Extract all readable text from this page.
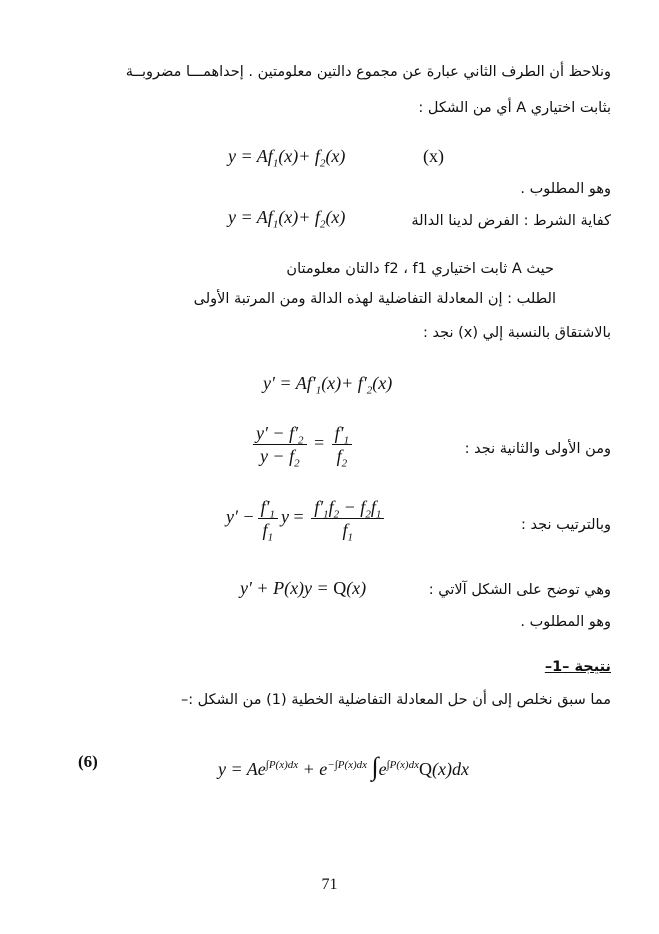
ونلاحظ أن الطرف الثاني عبارة عن مجموع دالتين معلومتين . إحداهمـــا مضروبــة
بثابت اختياري A أي من الشكل :
$y = Af_1(x)+ f_2(x)$	(x)
وهو المطلوب .
كفاية الشرط : الفرض لدينا الدالة
$y = Af_1(x)+ f_2(x)$
حيث A ثابت اختياري f2 ، f1 دالتان معلومتان
الطلب : إن المعادلة التفاضلية لهذه الدالة ومن المرتبة الأولى
بالاشتقاق بالنسبة إلي (x) نجد :
$y' = Af'_1(x)+ f'_2(x)$
$\frac{y' - f'_2}{y - f_2} = \frac{f'_1}{f_2}$	ومن الأولى والثانية نجد :
$y' - \frac{f'_1}{f_1}$ $y = \frac{f'_1f_2 - f_2f_1}{f_1}$	وبالترتيب نجد :
y′ + P(x)y = Q(x)	وهي توضح على الشكل آلاتي :
وهو المطلوب .
نتيجة –1–
مما سبق نخلص إلى أن حل المعادلة التفاضلية الخطية (1) من الشكل :–
(6)	$y = Ae^{\int P(x)dx} + e^{-\int P(x)dx}$ $\int e^{\int P(x)dx}Q(x)dx$
71
